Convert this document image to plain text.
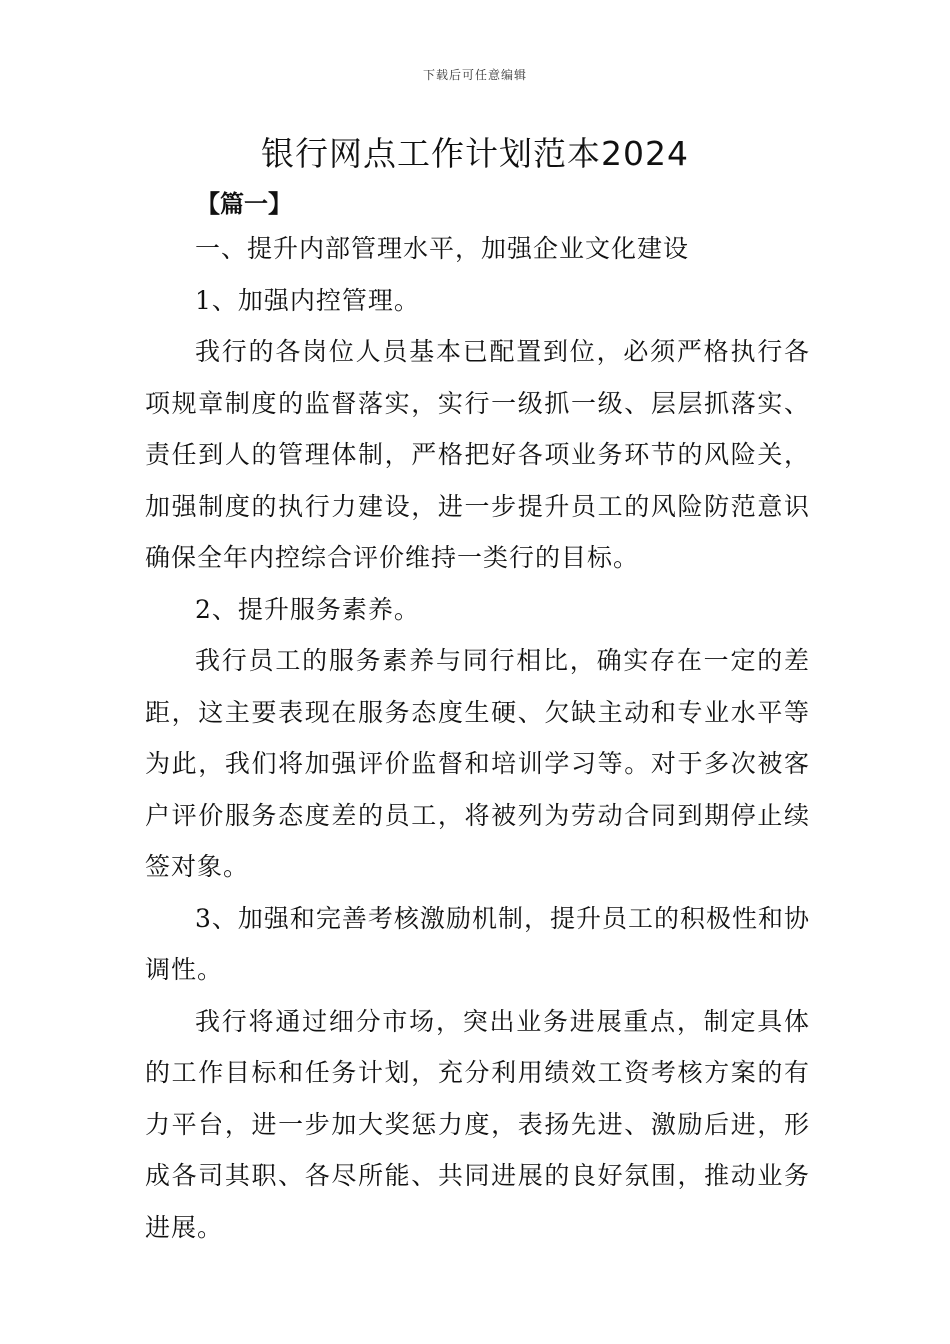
下载后可任意编辑
银行网点工作计划范本2024
【篇一】

一、提升内部管理水平，加强企业文化建设

1、加强内控管理。

我行的各岗位人员基本已配置到位，必须严格执行各项规章制度的监督落实，实行一级抓一级、层层抓落实、责任到人的管理体制，严格把好各项业务环节的风险关，加强制度的执行力建设，进一步提升员工的风险防范意识确保全年内控综合评价维持一类行的目标。

2、提升服务素养。

我行员工的服务素养与同行相比，确实存在一定的差距，这主要表现在服务态度生硬、欠缺主动和专业水平等为此，我们将加强评价监督和培训学习等。对于多次被客户评价服务态度差的员工，将被列为劳动合同到期停止续签对象。

3、加强和完善考核激励机制，提升员工的积极性和协调性。

我行将通过细分市场，突出业务进展重点，制定具体的工作目标和任务计划，充分利用绩效工资考核方案的有力平台，进一步加大奖惩力度，表扬先进、激励后进，形成各司其职、各尽所能、共同进展的良好氛围，推动业务进展。
